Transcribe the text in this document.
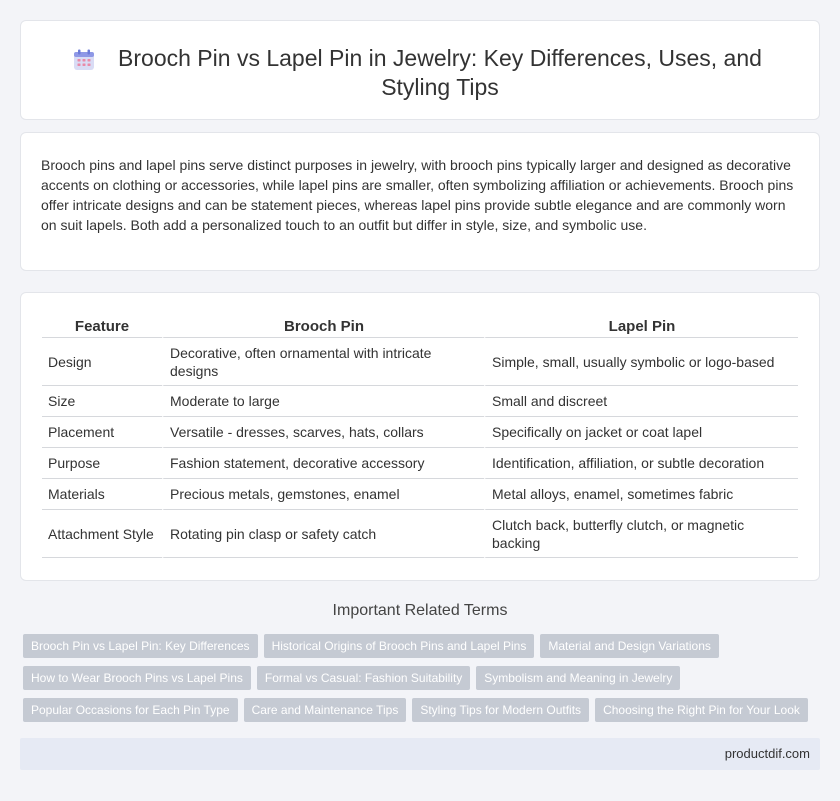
Brooch Pin vs Lapel Pin in Jewelry: Key Differences, Uses, and Styling Tips

Brooch pins and lapel pins serve distinct purposes in jewelry, with brooch pins typically larger and designed as decorative accents on clothing or accessories, while lapel pins are smaller, often symbolizing affiliation or achievements. Brooch pins offer intricate designs and can be statement pieces, whereas lapel pins provide subtle elegance and are commonly worn on suit lapels. Both add a personalized touch to an outfit but differ in style, size, and symbolic use.

Feature	Brooch Pin	Lapel Pin
Design	Decorative, often ornamental with intricate designs	Simple, small, usually symbolic or logo-based
Size	Moderate to large	Small and discreet
Placement	Versatile - dresses, scarves, hats, collars	Specifically on jacket or coat lapel
Purpose	Fashion statement, decorative accessory	Identification, affiliation, or subtle decoration
Materials	Precious metals, gemstones, enamel	Metal alloys, enamel, sometimes fabric
Attachment Style	Rotating pin clasp or safety catch	Clutch back, butterfly clutch, or magnetic backing
Important Related Terms
Brooch Pin vs Lapel Pin: Key Differences	Historical Origins of Brooch Pins and Lapel Pins	Material and Design Variations
How to Wear Brooch Pins vs Lapel Pins	Formal vs Casual: Fashion Suitability	Symbolism and Meaning in Jewelry
Popular Occasions for Each Pin Type	Care and Maintenance Tips	Styling Tips for Modern Outfits	Choosing the Right Pin for Your Look
productdif.com
